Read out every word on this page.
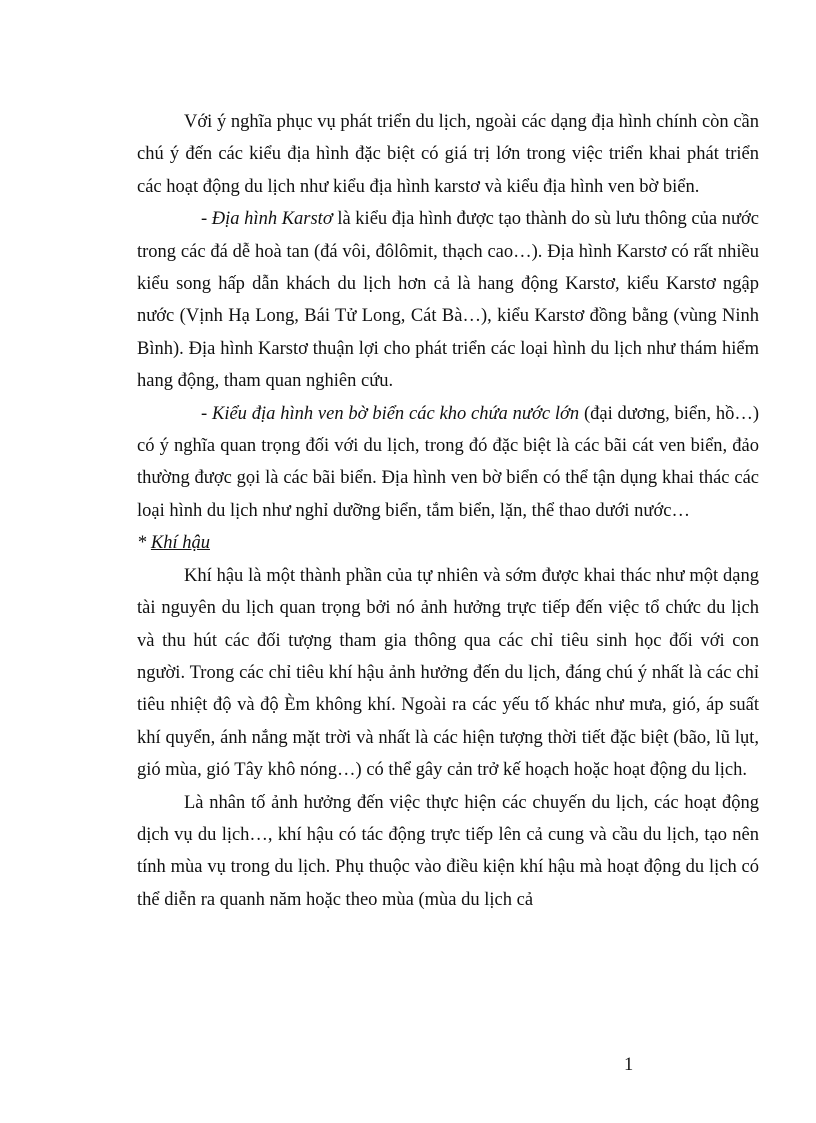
Với ý nghĩa phục vụ phát triển du lịch, ngoài các dạng địa hình chính còn cần chú ý đến các kiểu địa hình đặc biệt có giá trị lớn trong việc triển khai phát triển các hoạt động du lịch như kiểu địa hình karstơ và kiểu địa hình ven bờ biển.

- Địa hình Karstơ là kiểu địa hình được tạo thành do sù lưu thông của nước trong các đá dễ hoà tan (đá vôi, đôlômit, thạch cao…). Địa hình Karstơ có rất nhiều kiểu song hấp dẫn khách du lịch hơn cả là hang động Karstơ, kiểu Karstơ ngập nước (Vịnh Hạ Long, Bái Tử Long, Cát Bà…), kiểu Karstơ đồng bằng (vùng Ninh Bình). Địa hình Karstơ thuận lợi cho phát triển các loại hình du lịch như thám hiểm hang động, tham quan nghiên cứu.

- Kiểu địa hình ven bờ biển các kho chứa nước lớn (đại dương, biển, hồ…) có ý nghĩa quan trọng đối với du lịch, trong đó đặc biệt là các bãi cát ven biển, đảo thường được gọi là các bãi biển. Địa hình ven bờ biển có thể tận dụng khai thác các loại hình du lịch như nghỉ dưỡng biển, tắm biển, lặn, thể thao dưới nước…

* Khí hậu

Khí hậu là một thành phần của tự nhiên và sớm được khai thác như một dạng tài nguyên du lịch quan trọng bởi nó ảnh hưởng trực tiếp đến việc tổ chức du lịch và thu hút các đối tượng tham gia thông qua các chỉ tiêu sinh học đối với con người. Trong các chỉ tiêu khí hậu ảnh hưởng đến du lịch, đáng chú ý nhất là các chỉ tiêu nhiệt độ và độ Èm không khí. Ngoài ra các yếu tố khác như mưa, gió, áp suất khí quyển, ánh nắng mặt trời và nhất là các hiện tượng thời tiết đặc biệt (bão, lũ lụt, gió mùa, gió Tây khô nóng…) có thể gây cản trở kế hoạch hoặc hoạt động du lịch.

Là nhân tố ảnh hưởng đến việc thực hiện các chuyến du lịch, các hoạt động dịch vụ du lịch…, khí hậu có tác động trực tiếp lên cả cung và cầu du lịch, tạo nên tính mùa vụ trong du lịch. Phụ thuộc vào điều kiện khí hậu mà hoạt động du lịch có thể diễn ra quanh năm hoặc theo mùa (mùa du lịch cả

1
